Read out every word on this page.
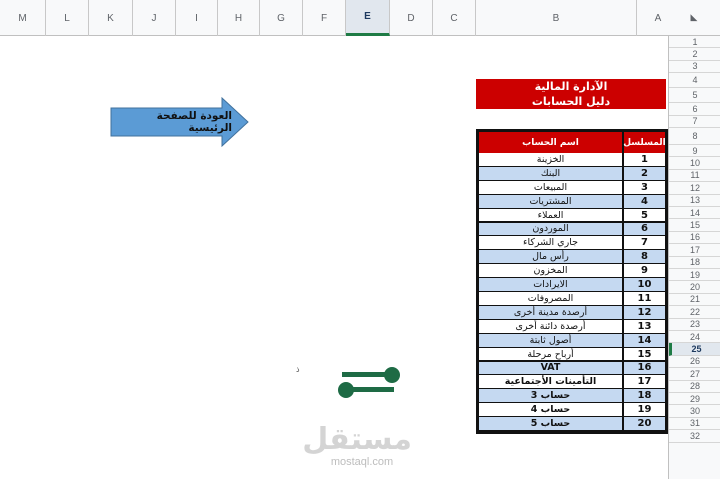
M	L	K	J	I	H	G	F	E	D	C	B	A	◣
1
2
3
4
5
6
7
8
9
10
11
12
13
14
15
16
17
18
19
20
21
22
23
24
25
26
27
28
29
30
31
32
الآدارة المالية
دليل الحسابات
اسم الحساب	المسلسل
الخزينة	1
البنك	2
المبيعات	3
المشتريات	4
العملاء	5
الموردون	6
جاري الشركاء	7
رأس مال	8
المخزون	9
الايرادات	10
المصروفات	11
أرصدة مدينة أخرى	12
أرصدة دائنة أخرى	13
أصول ثابتة	14
أرباح مرحلة	15
VAT	16
التأمينات الأجتماعية	17
حساب 3	18
حساب 4	19
حساب 5	20
العودة للصفحة الرئيسية
ذ
مستقل
mostaql.com
